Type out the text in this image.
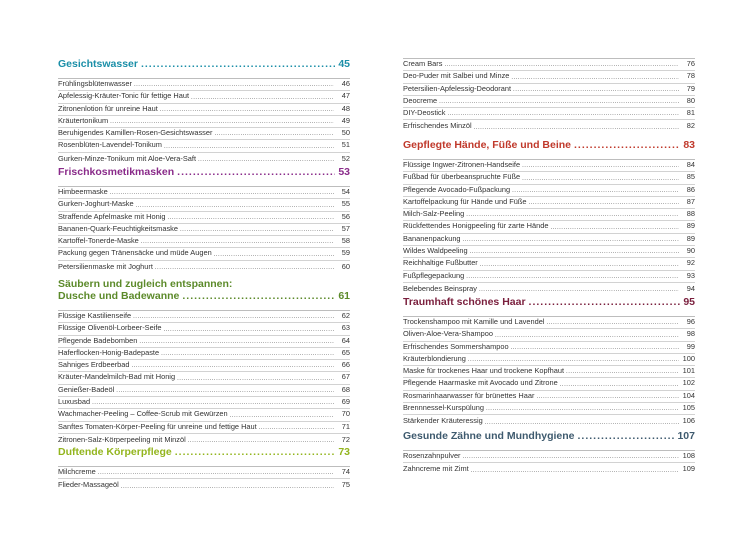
Gesichtswasser .....	45
Frühlingsblütenwasser .....	46
Apfelessig-Kräuter-Tonic für fettige Haut .....	47
Zitronenlotion für unreine Haut .....	48
Kräutertonikum .....	49
Beruhigendes Kamillen-Rosen-Gesichtswasser .....	50
Rosenblüten-Lavendel-Tonikum .....	51
Gurken-Minze-Tonikum mit Aloe-Vera-Saft .....	52
Frischkosmetikmasken .....	53
Himbeermaske .....	54
Gurken-Joghurt-Maske .....	55
Straffende Apfelmaske mit Honig .....	56
Bananen-Quark-Feuchtigkeitsmaske .....	57
Kartoffel-Tonerde-Maske .....	58
Packung gegen Tränensäcke und müde Augen .....	59
Petersilienmaske mit Joghurt .....	60
Säubern und zugleich entspannen:
Dusche und Badewanne .....	61
Flüssige Kastilienseife .....	62
Flüssige Olivenöl-Lorbeer-Seife .....	63
Pflegende Badebomben .....	64
Haferflocken-Honig-Badepaste .....	65
Sahniges Erdbeerbad .....	66
Kräuter-Mandelmilch-Bad mit Honig .....	67
Genießer-Badeöl .....	68
Luxusbad .....	69
Wachmacher-Peeling – Coffee-Scrub mit Gewürzen .....	70
Sanftes Tomaten-Körper-Peeling für unreine und fettige Haut .....	71
Zitronen-Salz-Körperpeeling mit Minzöl .....	72
Duftende Körperpflege .....	73
Milchcreme .....	74
Flieder-Massageöl .....	75
Cream Bars .....	76
Deo-Puder mit Salbei und Minze .....	78
Petersilien-Apfelessig-Deodorant .....	79
Deocreme .....	80
DIY-Deostick .....	81
Erfrischendes Minzöl .....	82
Gepflegte Hände, Füße und Beine .....	83
Flüssige Ingwer-Zitronen-Handseife .....	84
Fußbad für überbeanspruchte Füße .....	85
Pflegende Avocado-Fußpackung .....	86
Kartoffelpackung für Hände und Füße .....	87
Milch-Salz-Peeling .....	88
Rückfettendes Honigpeeling für zarte Hände .....	89
Bananenpackung .....	89
Wildes Waldpeeling .....	90
Reichhaltige Fußbutter .....	92
Fußpflegepackung .....	93
Belebendes Beinspray .....	94
Traumhaft schönes Haar .....	95
Trockenshampoo mit Kamille und Lavendel .....	96
Oliven-Aloe-Vera-Shampoo .....	98
Erfrischendes Sommershampoo .....	99
Kräuterblondierung .....	100
Maske für trockenes Haar und trockene Kopfhaut .....	101
Pflegende Haarmaske mit Avocado und Zitrone .....	102
Rosmarinhaarwasser für brünettes Haar .....	104
Brennnessel-Kurspülung .....	105
Stärkender Kräuteressig .....	106
Gesunde Zähne und Mundhygiene .....	107
Rosenzahnpulver .....	108
Zahncreme mit Zimt .....	109
